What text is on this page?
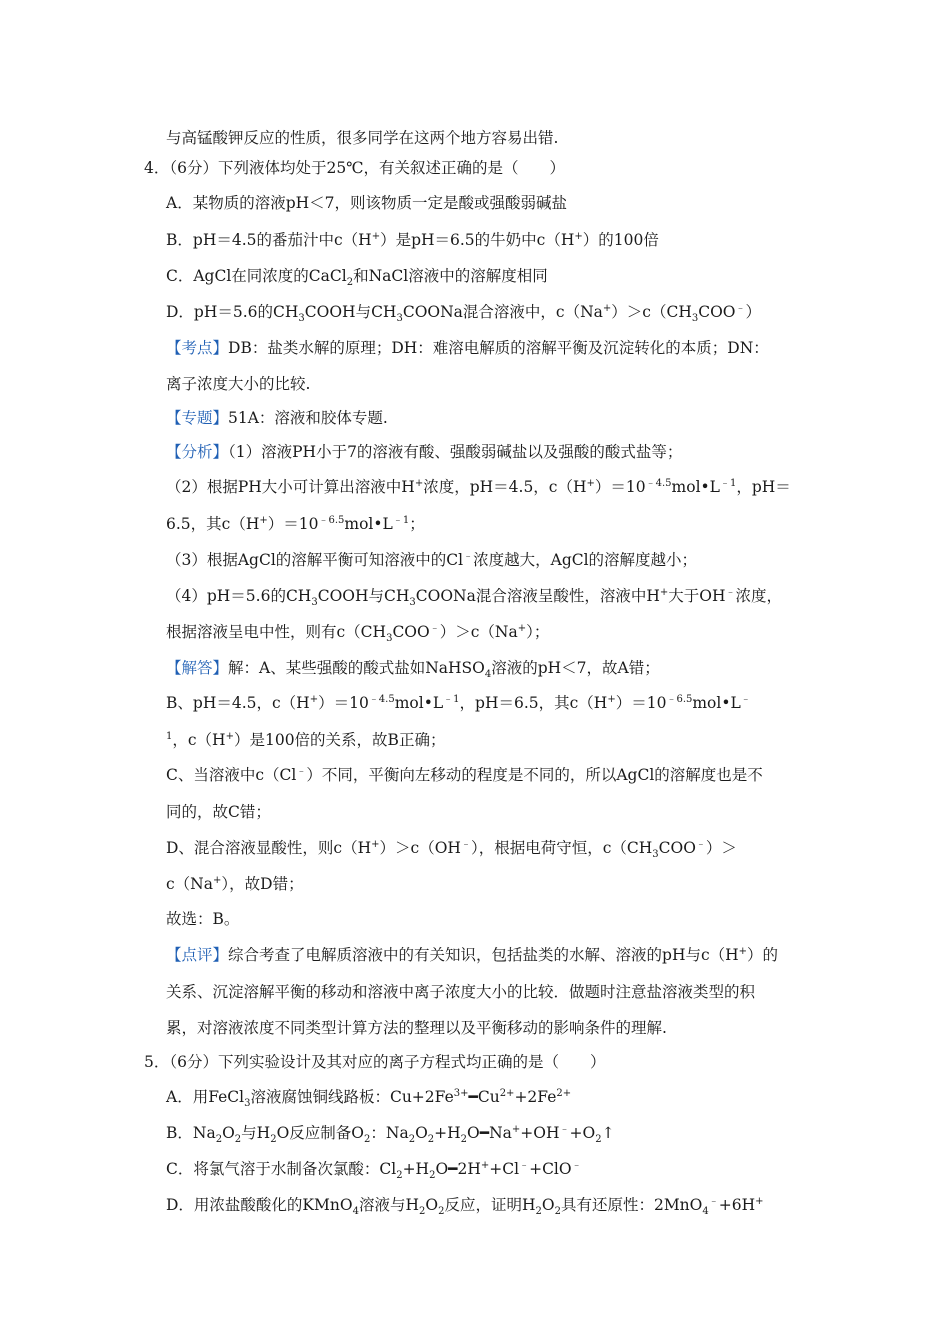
与高锰酸钾反应的性质，很多同学在这两个地方容易出错.
4．（6分）下列液体均处于25℃，有关叙述正确的是（　　）
A．某物质的溶液pH＜7，则该物质一定是酸或强酸弱碱盐
B．pH＝4.5的番茄汁中c（H+）是pH＝6.5的牛奶中c（H+）的100倍
C．AgCl在同浓度的CaCl$_2$和NaCl溶液中的溶解度相同
D．pH＝5.6的$CH_3COOH$与$CH_3COONa$混合溶液中，$c(Na^+)>c(CH_3COO^﹣)$
【考点】DB：盐类水解的原理；DH：难溶电解质的溶解平衡及沉淀转化的本质；DN：
离子浓度大小的比较.
【专题】51A：溶液和胶体专题.
【分析】（1）溶液PH小于7的溶液有酸、强酸弱碱盐以及强酸的酸式盐等；
（2）根据PH大小可计算出溶液中H+浓度，pH＝4.5，$c(H^+)=10^{﹣4.5}mol•L^{﹣1}$，pH＝
6.5，其$c(H^+)=10^{﹣6.5}mol•L^{﹣1}$；
（3）根据AgCl的溶解平衡可知溶液中的Cl﹣浓度越大，AgCl的溶解度越小；
（4）pH＝5.6的$CH_3COOH$与$CH_3COONa$混合溶液呈酸性，溶液中H+大于OH﹣浓度，
根据溶液呈电中性，则有$c(CH_3COO^﹣)>c(Na^+)$；
【解答】解：A、某些强酸的酸式盐如NaHSO$_4$溶液的pH＜7，故A错；
B、pH＝4.5，$c(H^+)=10^{﹣4.5}mol•L^{﹣1}$，pH＝6.5，其$c(H^+)=10^{﹣6.5}mol•L^﹣$
$^1$，c（H+）是100倍的关系，故B正确；
C、当溶液中c（Cl﹣）不同，平衡向左移动的程度是不同的，所以AgCl的溶解度也是不
同的，故C错；
D、混合溶液显酸性，则c（H+）＞c（OH﹣），根据电荷守恒，$c(CH_3COO^﹣)>$
c（Na+），故D错；
故选：B。
【点评】综合考查了电解质溶液中的有关知识，包括盐类的水解、溶液的pH与c（H+）的
关系、沉淀溶解平衡的移动和溶液中离子浓度大小的比较．做题时注意盐溶液类型的积
累，对溶液浓度不同类型计算方法的整理以及平衡移动的影响条件的理解.
5．（6分）下列实验设计及其对应的离子方程式均正确的是（　　）
A．用FeCl$_3$溶液腐蚀铜线路板：$Cu+2Fe^{3+}━Cu^{2+}+2Fe^{2+}$
B．$Na_2O_2$与$H_2O$反应制备$O_2$：$Na_2O_2+H_2O━Na^++OH^﹣+O_2↑$
C．将氯气溶于水制备次氯酸：$Cl_2+H_2O━2H^++Cl^﹣+ClO^﹣$
D．用浓盐酸酸化的KMnO$_4$溶液与$H_2O_2$反应，证明$H_2O_2$具有还原性：2MnO$_4$﹣+6H+
